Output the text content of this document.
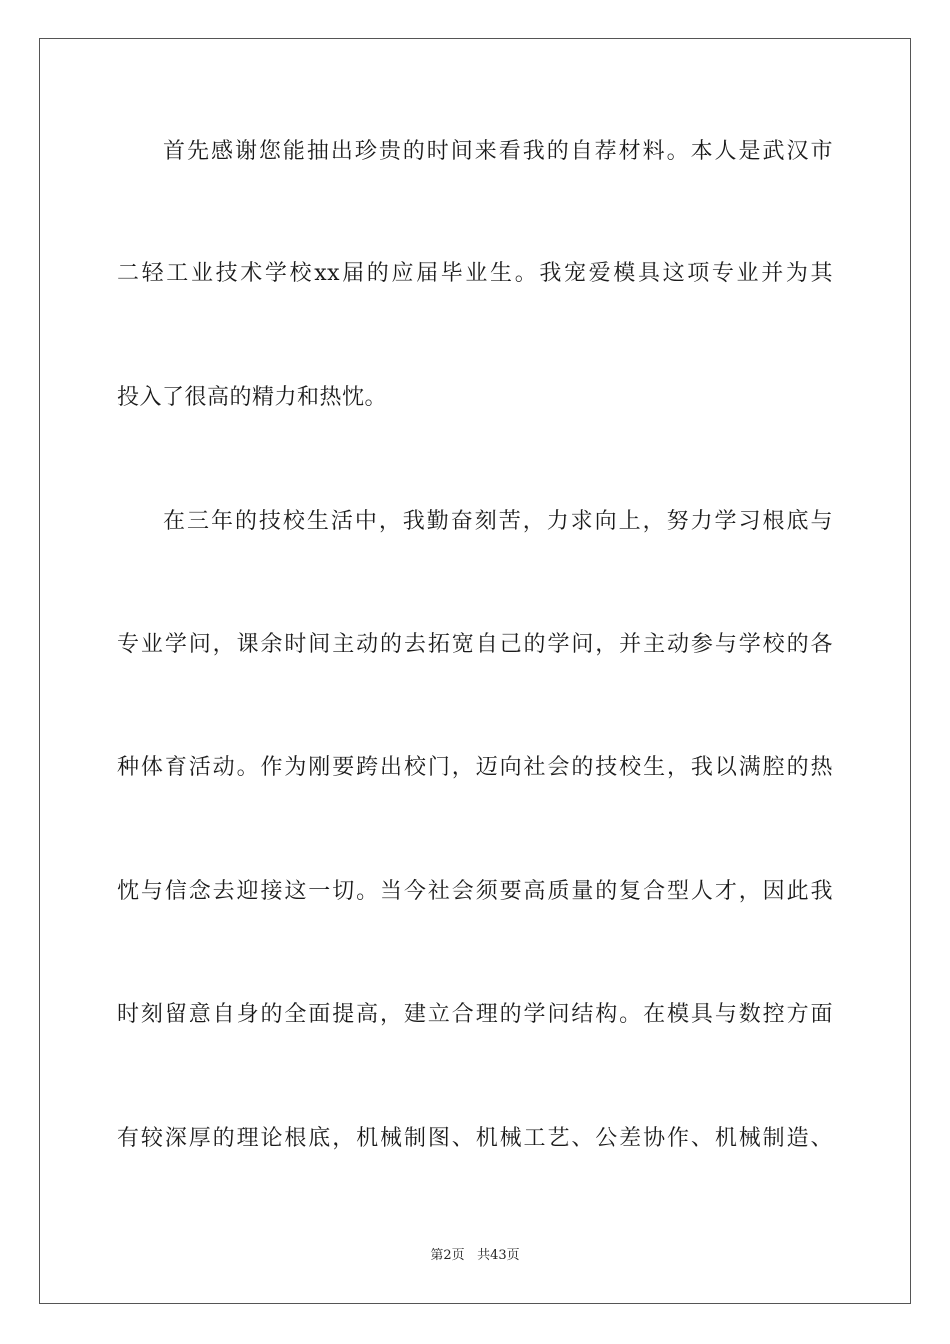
首先感谢您能抽出珍贵的时间来看我的自荐材料。本人是武汉市
二轻工业技术学校xx届的应届毕业生。我宠爱模具这项专业并为其
投入了很高的精力和热忱。
在三年的技校生活中，我勤奋刻苦，力求向上，努力学习根底与
专业学问，课余时间主动的去拓宽自己的学问，并主动参与学校的各
种体育活动。作为刚要跨出校门，迈向社会的技校生，我以满腔的热
忱与信念去迎接这一切。当今社会须要高质量的复合型人才，因此我
时刻留意自身的全面提高，建立合理的学问结构。在模具与数控方面
有较深厚的理论根底，机械制图、机械工艺、公差协作、机械制造、
第2页 共43页
